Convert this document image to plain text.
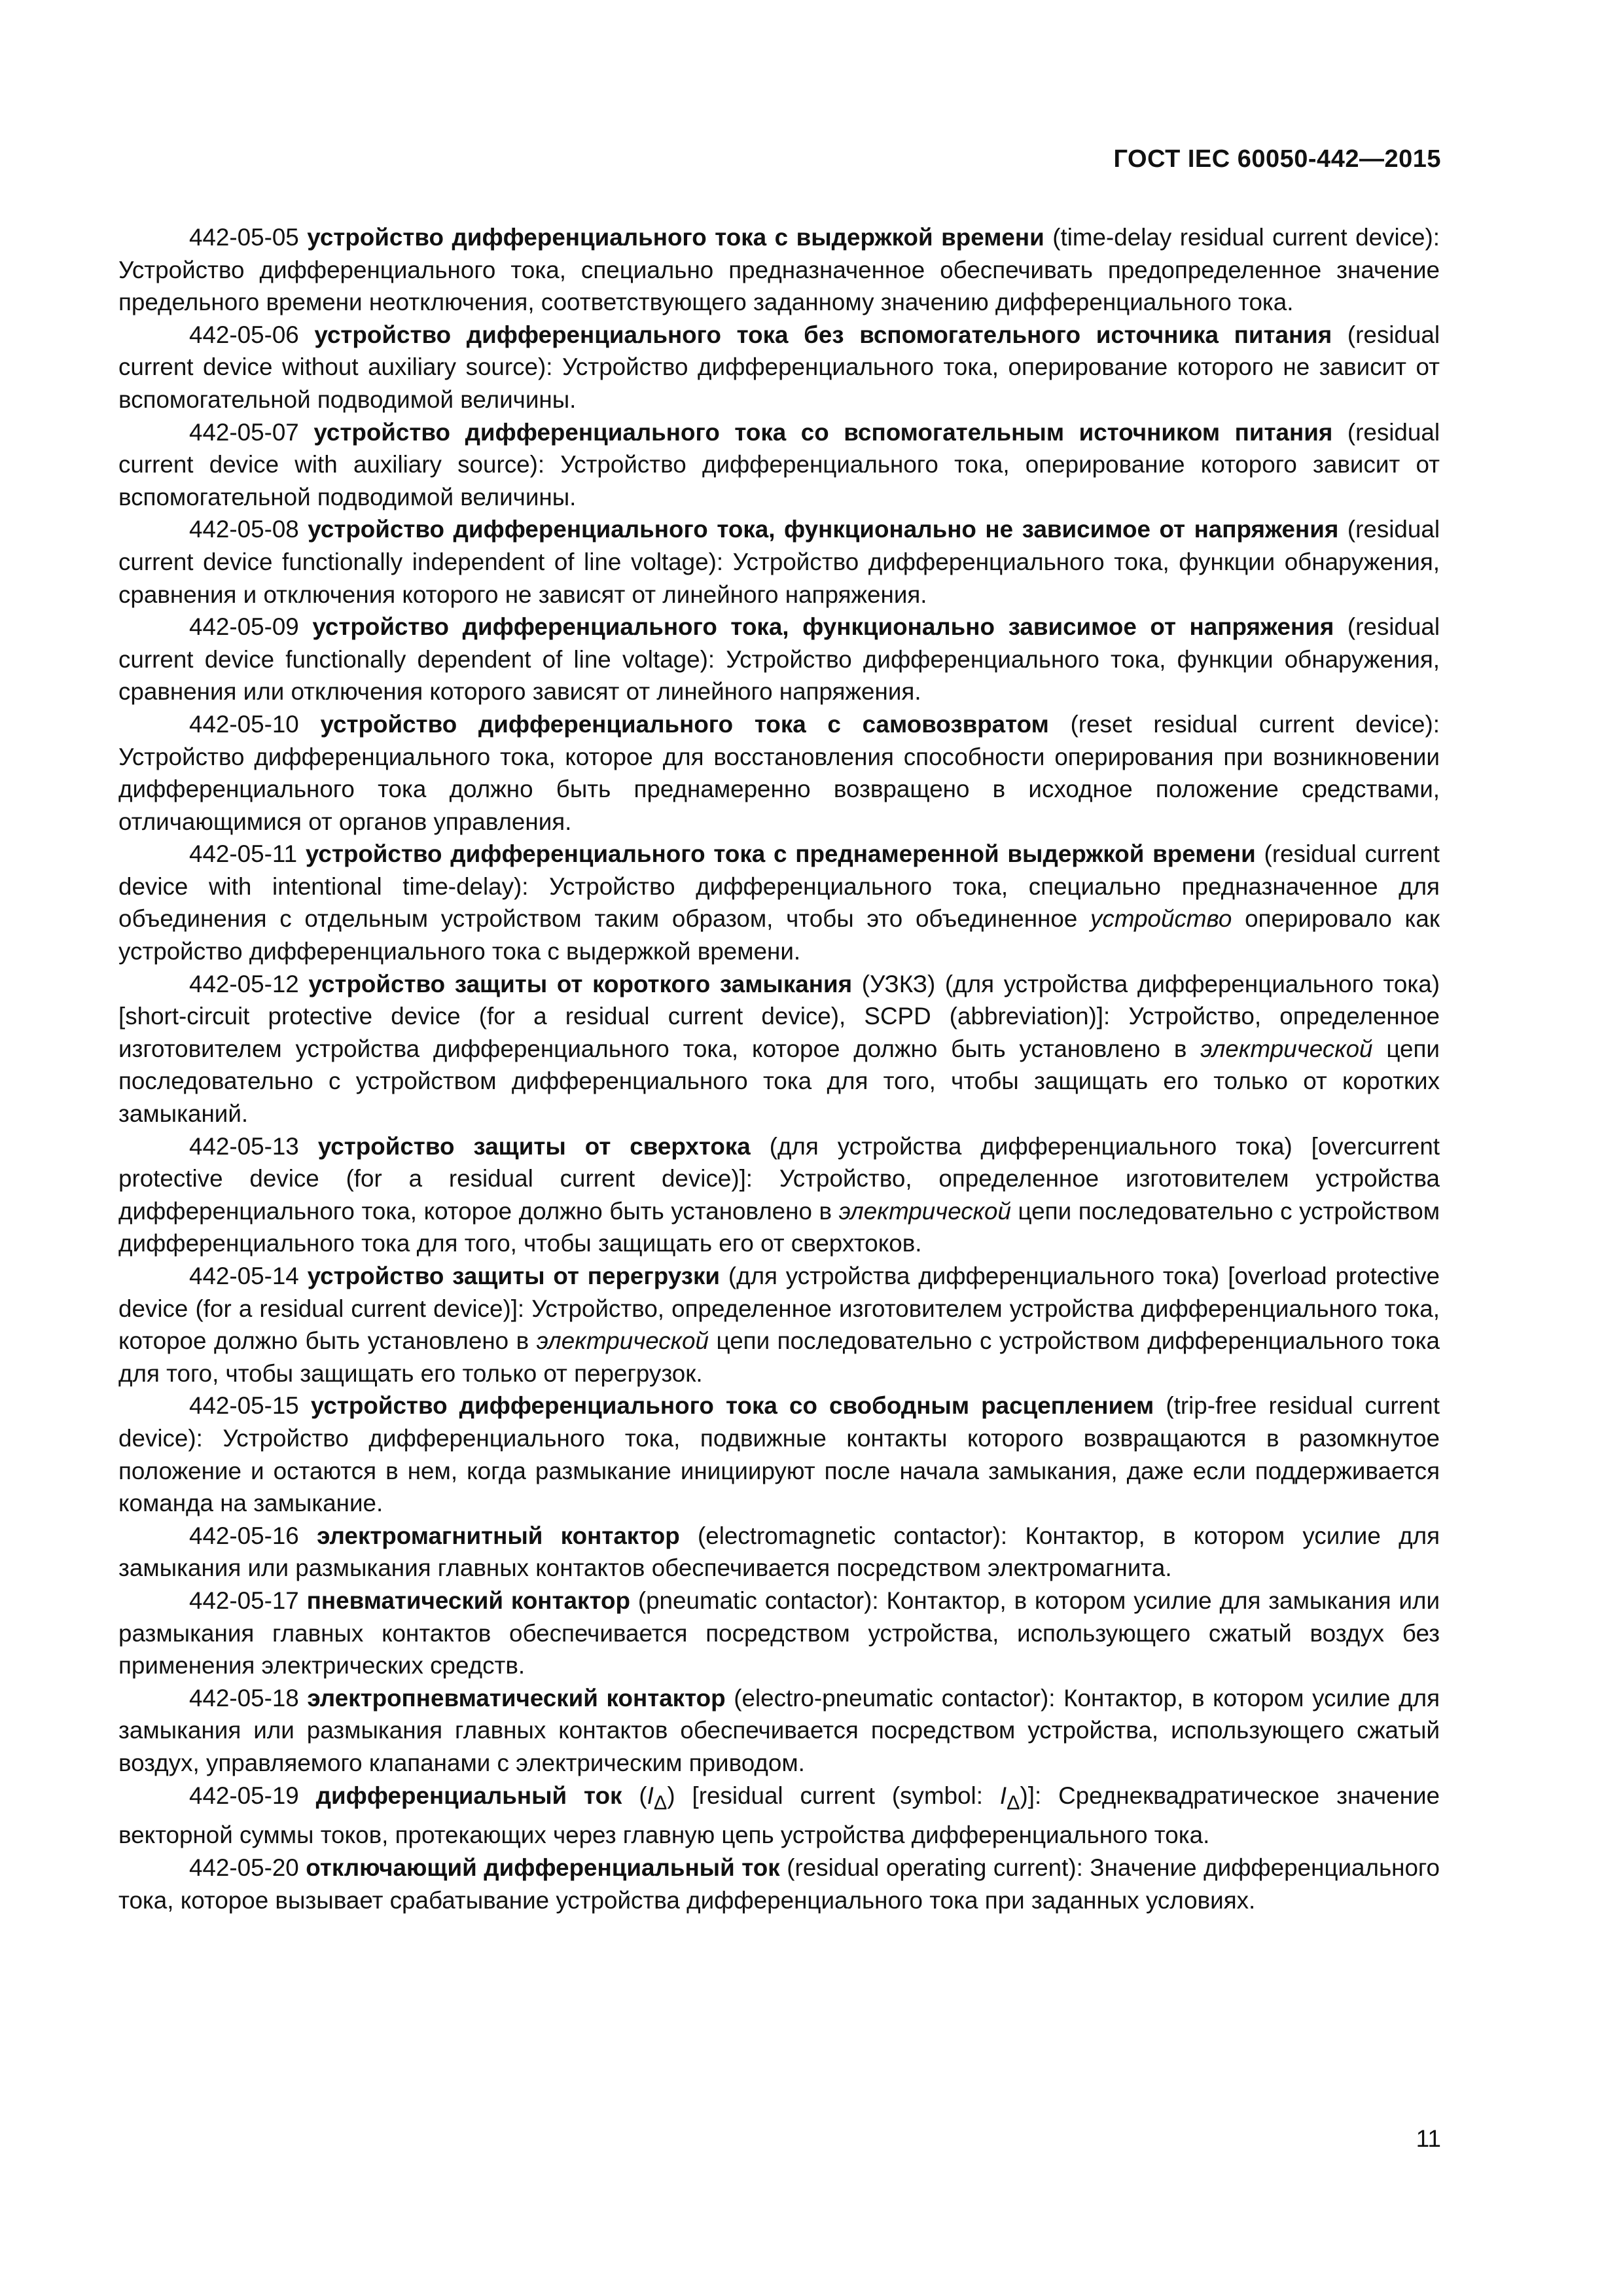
ГОСТ IEC 60050-442—2015

442-05-05 устройство дифференциального тока с выдержкой времени (time-delay residual current device): Устройство дифференциального тока, специально предназначенное обеспечивать предопределенное значение предельного времени неотключения, соответствующего заданному значению дифференциального тока.

442-05-06 устройство дифференциального тока без вспомогательного источника питания (residual current device without auxiliary source): Устройство дифференциального тока, оперирование которого не зависит от вспомогательной подводимой величины.

442-05-07 устройство дифференциального тока со вспомогательным источником питания (residual current device with auxiliary source): Устройство дифференциального тока, оперирование которого зависит от вспомогательной подводимой величины.

442-05-08 устройство дифференциального тока, функционально не зависимое от напряжения (residual current device functionally independent of line voltage): Устройство дифференциального тока, функции обнаружения, сравнения и отключения которого не зависят от линейного напряжения.

442-05-09 устройство дифференциального тока, функционально зависимое от напряжения (residual current device functionally dependent of line voltage): Устройство дифференциального тока, функции обнаружения, сравнения или отключения которого зависят от линейного напряжения.

442-05-10 устройство дифференциального тока с самовозвратом (reset residual current device): Устройство дифференциального тока, которое для восстановления способности оперирования при возникновении дифференциального тока должно быть преднамеренно возвращено в исходное положение средствами, отличающимися от органов управления.

442-05-11 устройство дифференциального тока с преднамеренной выдержкой времени (residual current device with intentional time-delay): Устройство дифференциального тока, специально предназначенное для объединения с отдельным устройством таким образом, чтобы это объединенное устройство оперировало как устройство дифференциального тока с выдержкой времени.

442-05-12 устройство защиты от короткого замыкания (УЗКЗ) (для устройства дифференциального тока) [short-circuit protective device (for a residual current device), SCPD (abbreviation)]: Устройство, определенное изготовителем устройства дифференциального тока, которое должно быть установлено в электрической цепи последовательно с устройством дифференциального тока для того, чтобы защищать его только от коротких замыканий.

442-05-13 устройство защиты от сверхтока (для устройства дифференциального тока) [overcurrent protective device (for a residual current device)]: Устройство, определенное изготовителем устройства дифференциального тока, которое должно быть установлено в электрической цепи последовательно с устройством дифференциального тока для того, чтобы защищать его от сверхтоков.

442-05-14 устройство защиты от перегрузки (для устройства дифференциального тока) [overload protective device (for a residual current device)]: Устройство, определенное изготовителем устройства дифференциального тока, которое должно быть установлено в электрической цепи последовательно с устройством дифференциального тока для того, чтобы защищать его только от перегрузок.

442-05-15 устройство дифференциального тока со свободным расцеплением (trip-free residual current device): Устройство дифференциального тока, подвижные контакты которого возвращаются в разомкнутое положение и остаются в нем, когда размыкание инициируют после начала замыкания, даже если поддерживается команда на замыкание.

442-05-16 электромагнитный контактор (electromagnetic contactor): Контактор, в котором усилие для замыкания или размыкания главных контактов обеспечивается посредством электромагнита.

442-05-17 пневматический контактор (pneumatic contactor): Контактор, в котором усилие для замыкания или размыкания главных контактов обеспечивается посредством устройства, использующего сжатый воздух без применения электрических средств.

442-05-18 электропневматический контактор (electro-pneumatic contactor): Контактор, в котором усилие для замыкания или размыкания главных контактов обеспечивается посредством устройства, использующего сжатый воздух, управляемого клапанами с электрическим приводом.

442-05-19 дифференциальный ток $(I_\Delta)$ [residual current (symbol: $I_\Delta$)]: Среднеквадратическое значение векторной суммы токов, протекающих через главную цепь устройства дифференциального тока.

442-05-20 отключающий дифференциальный ток (residual operating current): Значение дифференциального тока, которое вызывает срабатывание устройства дифференциального тока при заданных условиях.

11
